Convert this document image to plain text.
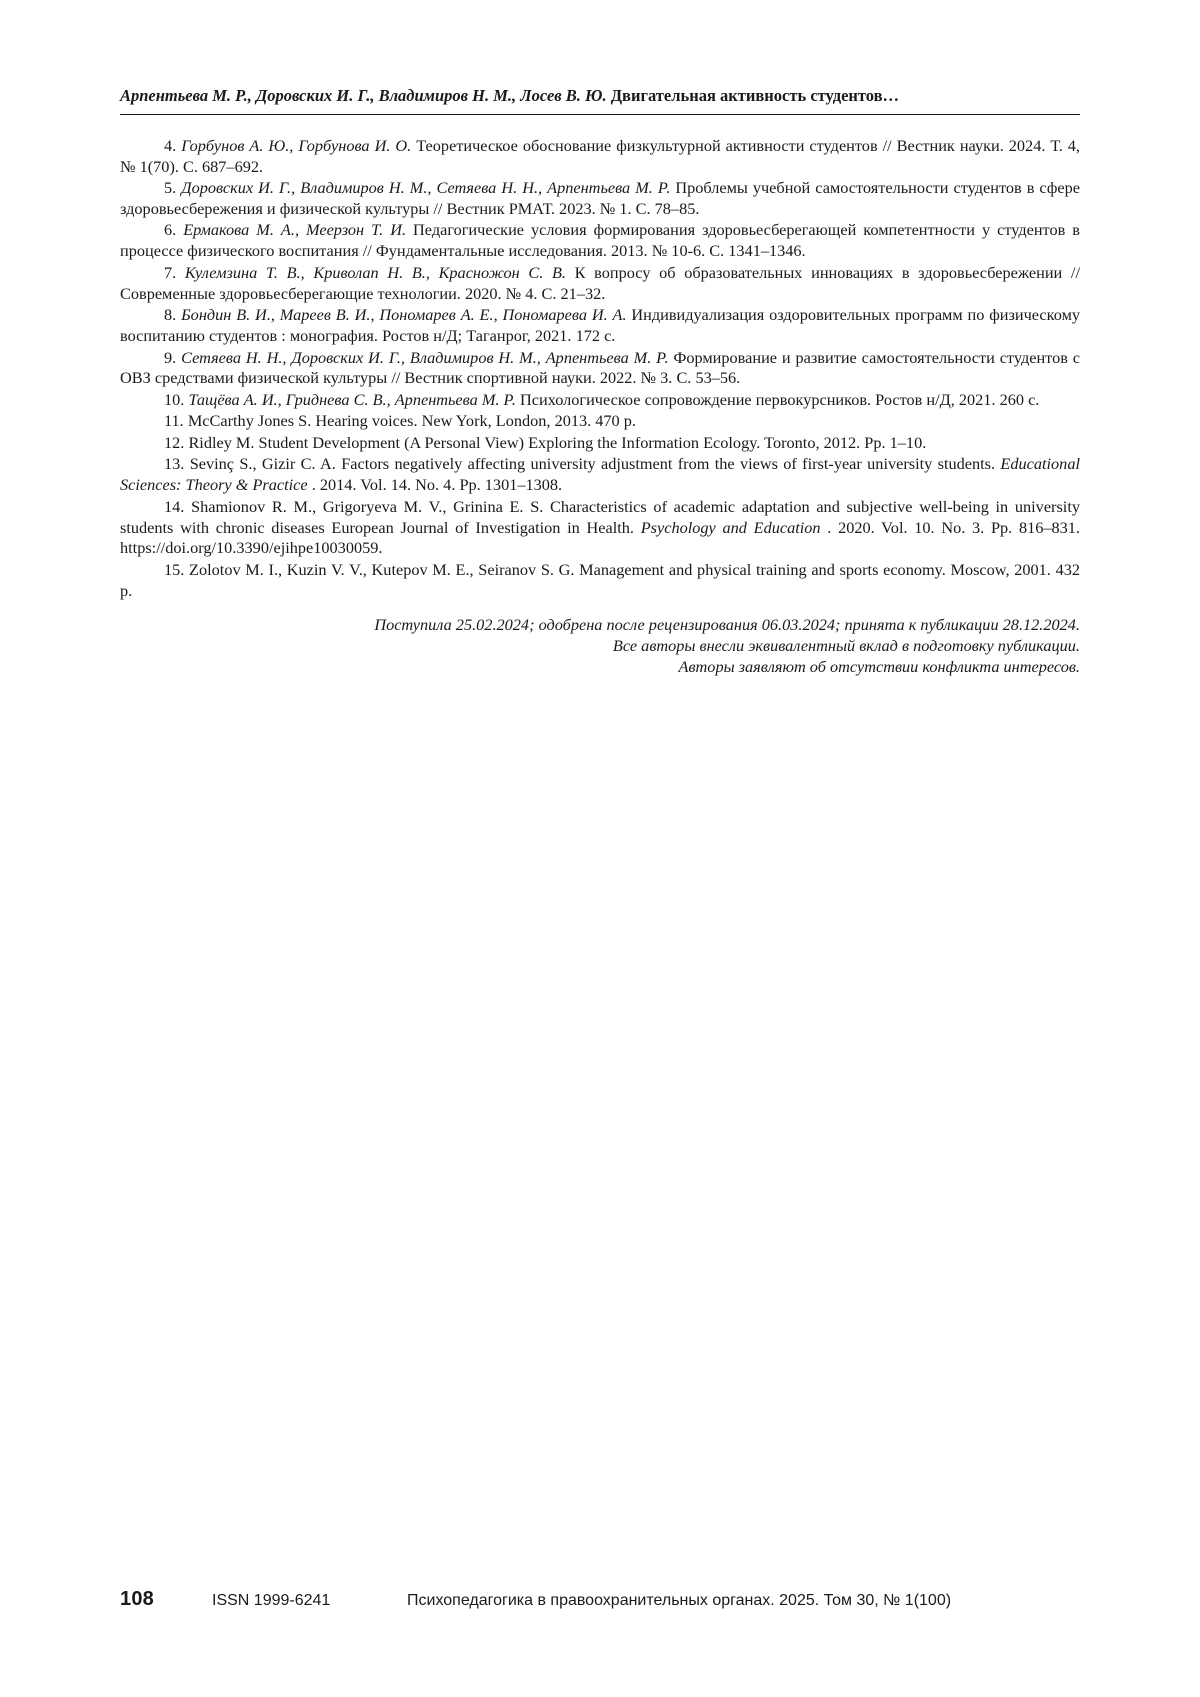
Арпентьева М. Р., Доровских И. Г., Владимиров Н. М., Лосев В. Ю. Двигательная активность студентов…

4. Горбунов А. Ю., Горбунова И. О. Теоретическое обоснование физкультурной активности студентов // Вестник науки. 2024. Т. 4, № 1(70). С. 687–692.

5. Доровских И. Г., Владимиров Н. М., Сетяева Н. Н., Арпентьева М. Р. Проблемы учебной самостоятельности студентов в сфере здоровьесбережения и физической культуры // Вестник РМАТ. 2023. № 1. С. 78–85.

6. Ермакова М. А., Меерзон Т. И. Педагогические условия формирования здоровьесберегающей компетентности у студентов в процессе физического воспитания // Фундаментальные исследования. 2013. № 10-6. С. 1341–1346.

7. Кулемзина Т. В., Криволап Н. В., Красножон С. В. К вопросу об образовательных инновациях в здоровьесбережении // Современные здоровьесберегающие технологии. 2020. № 4. С. 21–32.

8. Бондин В. И., Мареев В. И., Пономарев А. Е., Пономарева И. А. Индивидуализация оздоровительных программ по физическому воспитанию студентов : монография. Ростов н/Д; Таганрог, 2021. 172 с.

9. Сетяева Н. Н., Доровских И. Г., Владимиров Н. М., Арпентьева М. Р. Формирование и развитие самостоятельности студентов с ОВЗ средствами физической культуры // Вестник спортивной науки. 2022. № 3. С. 53–56.

10. Тащёва А. И., Гриднева С. В., Арпентьева М. Р. Психологическое сопровождение первокурсников. Ростов н/Д, 2021. 260 с.

11. McCarthy Jones S. Hearing voices. New York, London, 2013. 470 p.

12. Ridley M. Student Development (A Personal View) Exploring the Information Ecology. Toronto, 2012. Pp. 1–10.

13. Sevinç S., Gizir C. A. Factors negatively affecting university adjustment from the views of first-year university students. Educational Sciences: Theory & Practice . 2014. Vol. 14. No. 4. Pp. 1301–1308.

14. Shamionov R. M., Grigoryeva M. V., Grinina E. S. Characteristics of academic adaptation and subjective well-being in university students with chronic diseases European Journal of Investigation in Health. Psychology and Education . 2020. Vol. 10. No. 3. Pp. 816–831. https://doi.org/10.3390/ejihpe10030059.

15. Zolotov M. I., Kuzin V. V., Kutepov M. E., Seiranov S. G. Management and physical training and sports economy. Moscow, 2001. 432 p.

Поступила 25.02.2024; одобрена после рецензирования 06.03.2024; принята к публикации 28.12.2024.
Все авторы внесли эквивалентный вклад в подготовку публикации.
Авторы заявляют об отсутствии конфликта интересов.
108	ISSN 1999-6241	Психопедагогика в правоохранительных органах. 2025. Том 30, № 1(100)
